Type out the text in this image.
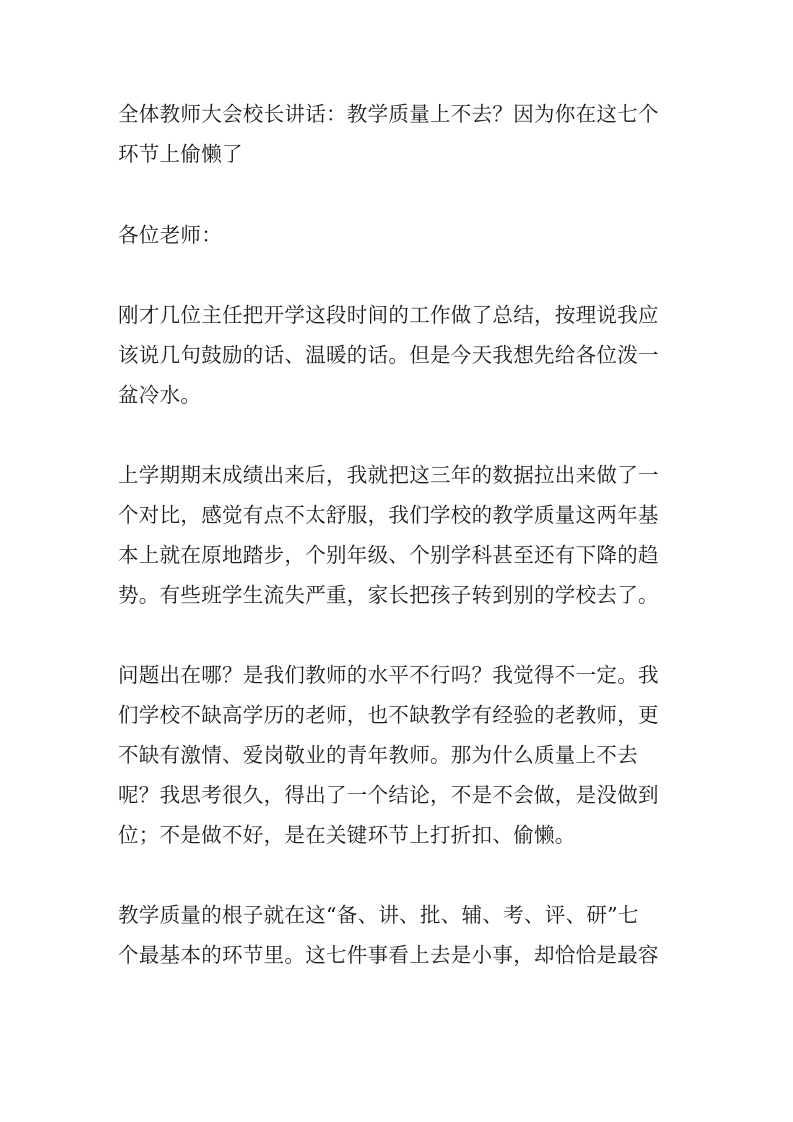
全体教师大会校长讲话：教学质量上不去？因为你在这七个
环节上偷懒了
各位老师：
刚才几位主任把开学这段时间的工作做了总结，按理说我应
该说几句鼓励的话、温暖的话。但是今天我想先给各位泼一
盆冷水。
上学期期末成绩出来后，我就把这三年的数据拉出来做了一
个对比，感觉有点不太舒服，我们学校的教学质量这两年基
本上就在原地踏步，个别年级、个别学科甚至还有下降的趋
势。有些班学生流失严重，家长把孩子转到别的学校去了。
问题出在哪？是我们教师的水平不行吗？我觉得不一定。我
们学校不缺高学历的老师，也不缺教学有经验的老教师，更
不缺有激情、爱岗敬业的青年教师。那为什么质量上不去
呢？我思考很久，得出了一个结论，不是不会做，是没做到
位；不是做不好，是在关键环节上打折扣、偷懒。
教学质量的根子就在这“备、讲、批、辅、考、评、研”七
个最基本的环节里。这七件事看上去是小事，却恰恰是最容
